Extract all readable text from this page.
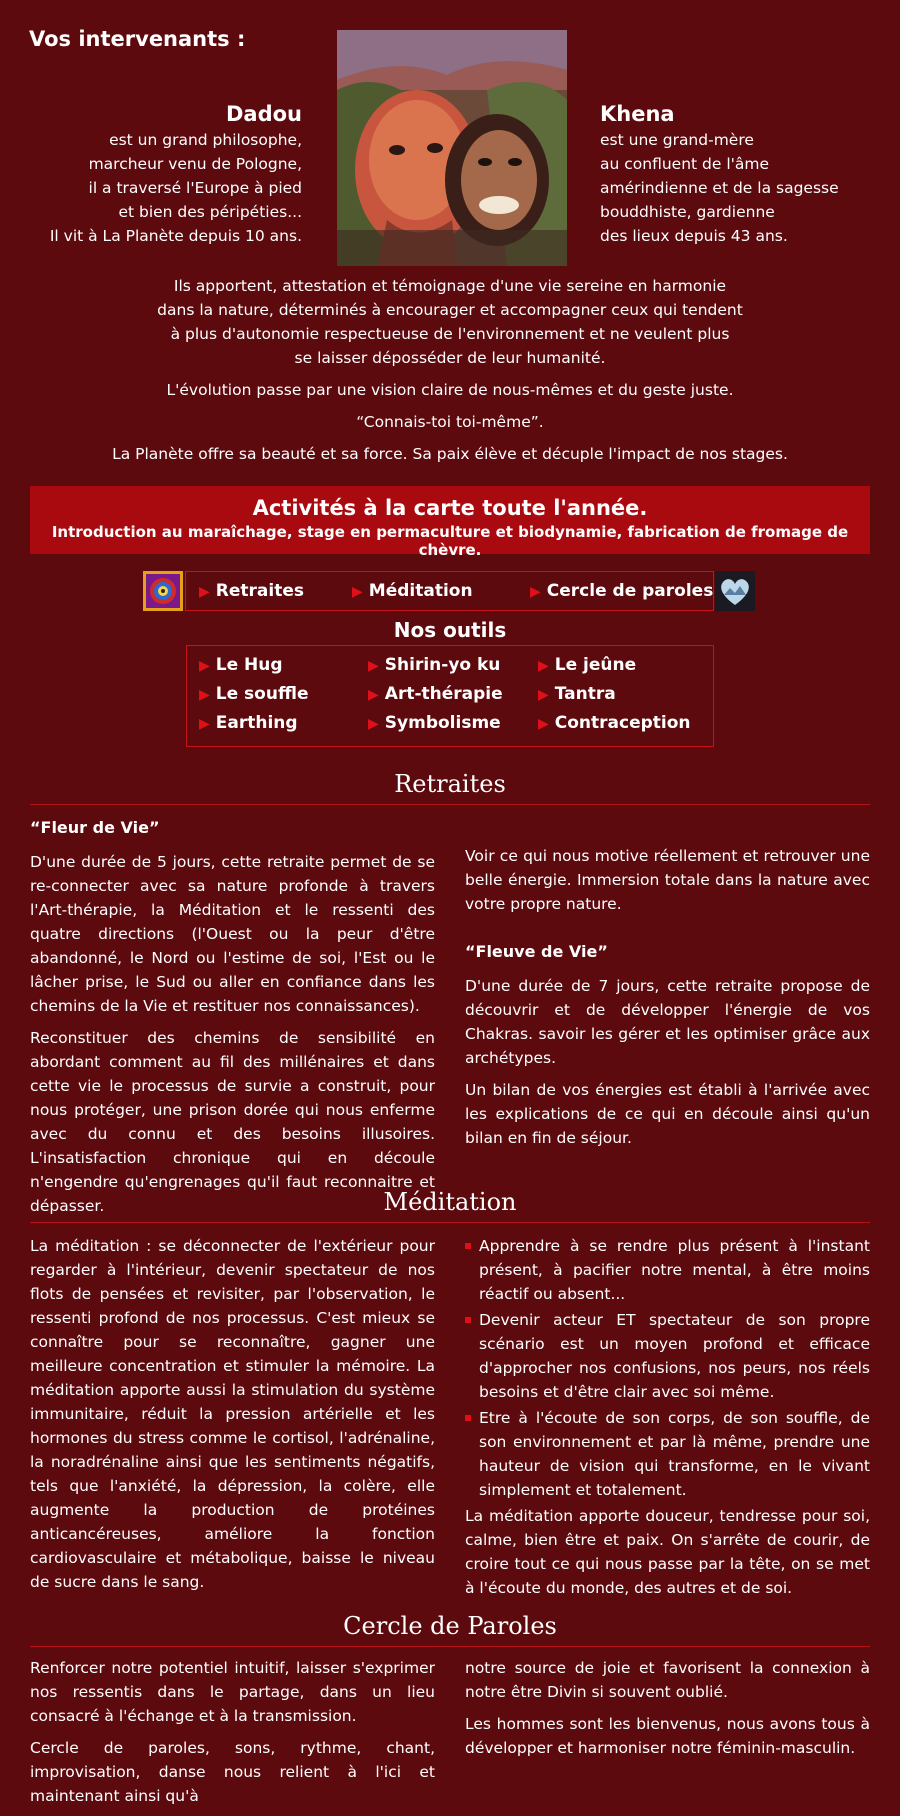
Vos intervenants :
Dadou
est un grand philosophe,
marcheur venu de Pologne,
il a traversé l'Europe à pied
et bien des péripéties...
Il vit à La Planète depuis 10 ans.
Khena
est une grand-mère
au confluent de l'âme
amérindienne et de la sagesse
bouddhiste, gardienne
des lieux depuis 43 ans.

Ils apportent, attestation et témoignage d'une vie sereine en harmonie
dans la nature, déterminés à encourager et accompagner ceux qui tendent
à plus d'autonomie respectueuse de l'environnement et ne veulent plus
se laisser déposséder de leur humanité.

L'évolution passe par une vision claire de nous-mêmes et du geste juste.

“Connais-toi toi-même”.

La Planète offre sa beauté et sa force. Sa paix élève et décuple l'impact de nos stages.

Activités à la carte toute l'année.
Introduction au maraîchage, stage en permaculture et biodynamie, fabrication de fromage de chèvre.
▶ Retraites	▶ Méditation	▶ Cercle de paroles
Nos outils
▶ Le Hug	▶ Shirin-yo ku	▶ Le jeûne
▶ Le souffle	▶ Art-thérapie	▶ Tantra
▶ Earthing	▶ Symbolisme	▶ Contraception
Retraites
“Fleur de Vie”

D'une durée de 5 jours, cette retraite permet de se re-connecter avec sa nature profonde à travers l'Art-thérapie, la Méditation et le ressenti des quatre directions (l'Ouest ou la peur d'être abandonné, le Nord ou l'estime de soi, l'Est ou le lâcher prise, le Sud ou aller en confiance dans les chemins de la Vie et restituer nos connaissances).

Reconstituer des chemins de sensibilité en abordant comment au fil des millénaires et dans cette vie le processus de survie a construit, pour nous protéger, une prison dorée qui nous enferme avec du connu et des besoins illusoires. L'insatisfaction chronique qui en découle n'engendre qu'engrenages qu'il faut reconnaitre et dépasser.

Voir ce qui nous motive réellement et retrouver une belle énergie. Immersion totale dans la nature avec votre propre nature.

“Fleuve de Vie”

D'une durée de 7 jours, cette retraite propose de découvrir et de développer l'énergie de vos Chakras. savoir les gérer et les optimiser grâce aux archétypes.

Un bilan de vos énergies est établi à l'arrivée avec les explications de ce qui en découle ainsi qu'un bilan en fin de séjour.

Méditation

La méditation : se déconnecter de l'extérieur pour regarder à l'intérieur, devenir spectateur de nos flots de pensées et revisiter, par l'observation, le ressenti profond de nos processus. C'est mieux se connaître pour se reconnaître, gagner une meilleure concentration et stimuler la mémoire. La méditation apporte aussi la stimulation du système immunitaire, réduit la pression artérielle et les hormones du stress comme le cortisol, l'adrénaline, la noradrénaline ainsi que les sentiments négatifs, tels que l'anxiété, la dépression, la colère, elle augmente la production de protéines anticancéreuses, améliore la fonction cardiovasculaire et métabolique, baisse le niveau de sucre dans le sang.

Apprendre à se rendre plus présent à l'instant présent, à pacifier notre mental, à être moins réactif ou absent...
Devenir acteur ET spectateur de son propre scénario est un moyen profond et efficace d'approcher nos confusions, nos peurs, nos réels besoins et d'être clair avec soi même.
Etre à l'écoute de son corps, de son souffle, de son environnement et par là même, prendre une hauteur de vision qui transforme, en le vivant simplement et totalement.

La méditation apporte douceur, tendresse pour soi, calme, bien être et paix. On s'arrête de courir, de croire tout ce qui nous passe par la tête, on se met à l'écoute du monde, des autres et de soi.

Cercle de Paroles

Renforcer notre potentiel intuitif, laisser s'exprimer nos ressentis dans le partage, dans un lieu consacré à l'échange et à la transmission.

Cercle de paroles, sons, rythme, chant, improvisation, danse nous relient à l'ici et maintenant ainsi qu'à

notre source de joie et favorisent la connexion à notre être Divin si souvent oublié.

Les hommes sont les bienvenus, nous avons tous à développer et harmoniser notre féminin-masculin.
